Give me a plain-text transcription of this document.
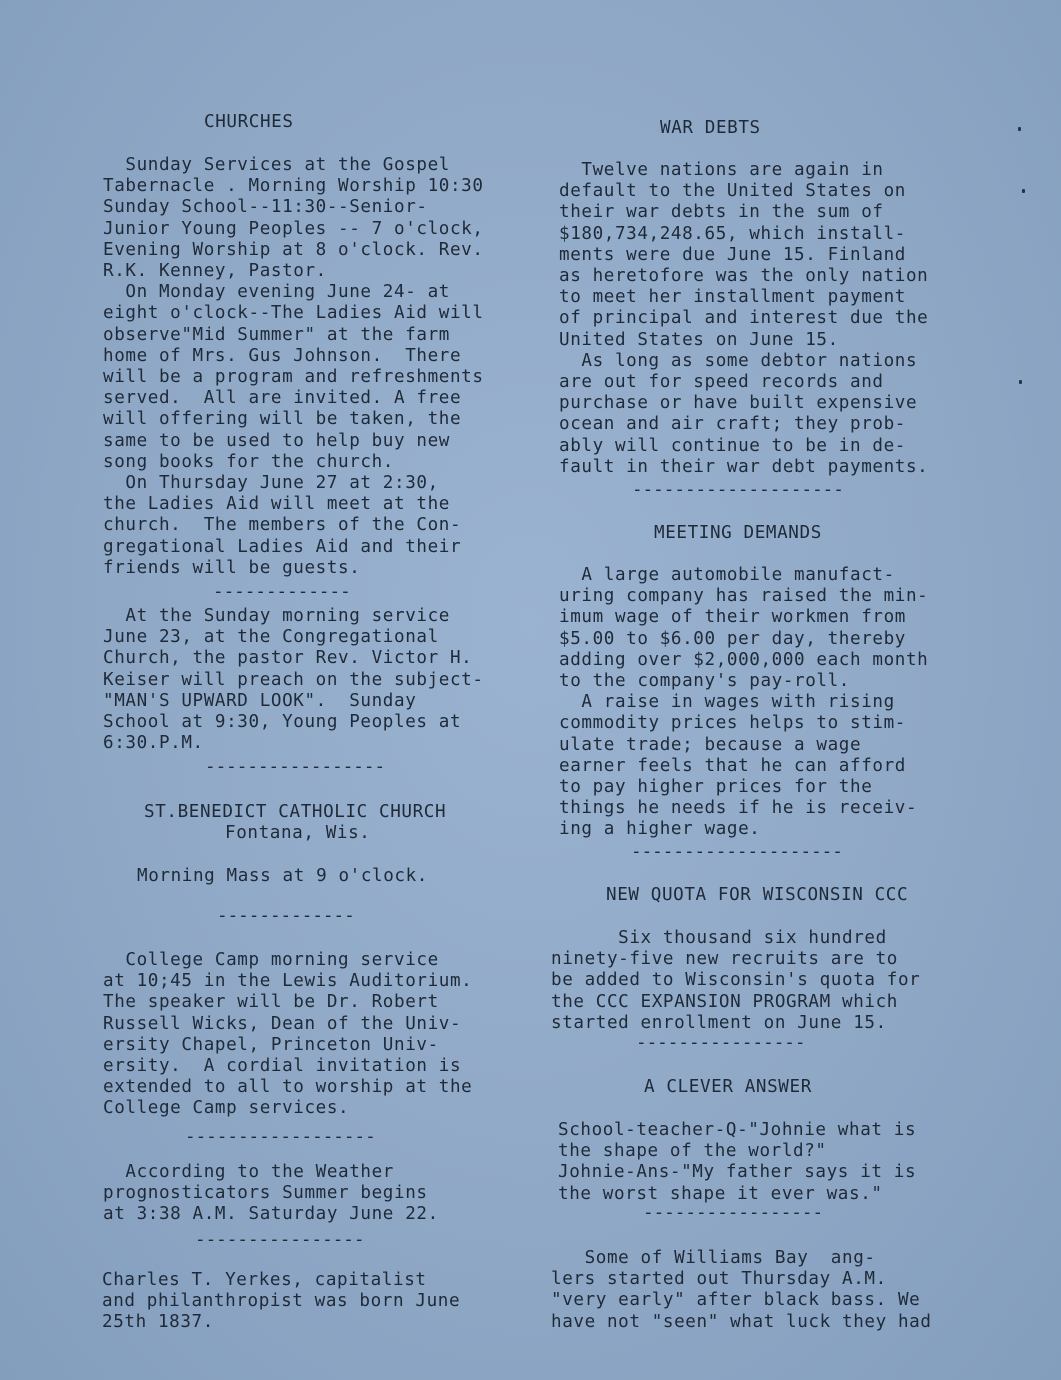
CHURCHES
Sunday Services at the Gospel
Tabernacle . Morning Worship 10:30
Sunday School--11:30--Senior-
Junior Young Peoples -- 7 o'clock,
Evening Worship at 8 o'clock. Rev.
R.K. Kenney, Pastor.
On Monday evening June 24- at
eight o'clock--The Ladies Aid will
observe"Mid Summer" at the farm
home of Mrs. Gus Johnson.  There
will be a program and refreshments
served.  All are invited. A free
will offering will be taken, the
same to be used to help buy new
song books for the church.
On Thursday June 27 at 2:30,
the Ladies Aid will meet at the
church.  The members of the Con-
gregational Ladies Aid and their
friends will be guests.
-------------
At the Sunday morning service
June 23, at the Congregational
Church, the pastor Rev. Victor H.
Keiser will preach on the subject-
"MAN'S UPWARD LOOK".  Sunday
School at 9:30, Young Peoples at
6:30.P.M.
-----------------
ST.BENEDICT CATHOLIC CHURCH
Fontana, Wis.
Morning Mass at 9 o'clock.
-------------
College Camp morning service
at 10;45 in the Lewis Auditorium.
The speaker will be Dr. Robert
Russell Wicks, Dean of the Univ-
ersity Chapel, Princeton Univ-
ersity.  A cordial invitation is
extended to all to worship at the
College Camp services.
------------------
According to the Weather
prognosticators Summer begins
at 3:38 A.M. Saturday June 22.
----------------
Charles T. Yerkes, capitalist
and philanthropist was born June
25th 1837.
WAR DEBTS
Twelve nations are again in
default to the United States on
their war debts in the sum of
$180,734,248.65, which install-
ments were due June 15. Finland
as heretofore was the only nation
to meet her installment payment
of principal and interest due the
United States on June 15.
As long as some debtor nations
are out for speed records and
purchase or have built expensive
ocean and air craft; they prob-
ably will continue to be in de-
fault in their war debt payments.
--------------------
MEETING DEMANDS
A large automobile manufact-
uring company has raised the min-
imum wage of their workmen from
$5.00 to $6.00 per day, thereby
adding over $2,000,000 each month
to the company's pay-roll.
A raise in wages with rising
commodity prices helps to stim-
ulate trade; because a wage
earner feels that he can afford
to pay higher prices for the
things he needs if he is receiv-
ing a higher wage.
--------------------
NEW QUOTA FOR WISCONSIN CCC
Six thousand six hundred
ninety-five new recruits are to
be added to Wisconsin's quota for
the CCC EXPANSION PROGRAM which
started enrollment on June 15.
----------------
A CLEVER ANSWER
School-teacher-Q-"Johnie what is
the shape of the world?"
Johnie-Ans-"My father says it is
the worst shape it ever was."
-----------------
Some of Williams Bay  ang-
lers started out Thursday A.M.
"very early" after black bass. We
have not "seen" what luck they had
